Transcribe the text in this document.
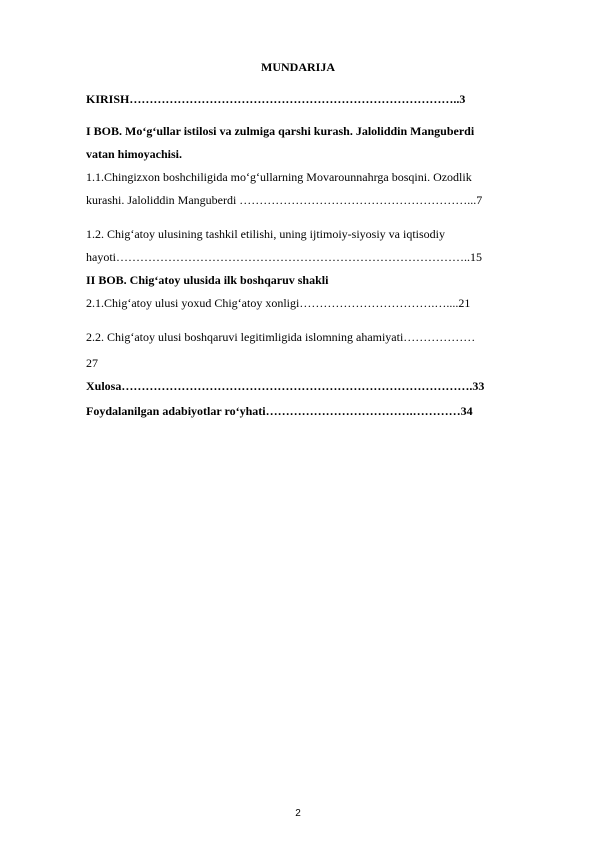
MUNDARIJA
KIRISH………………………………………………………………………..3
I BOB. Mo‘g‘ullar istilosi va zulmiga qarshi kurash. Jaloliddin Manguberdi
vatan himoyachisi.
1.1.Chingizxon boshchiligida mo‘g‘ullarning Movarounnahrga bosqini. Ozodlik
kurashi. Jaloliddin Manguberdi …………………………………………………...7
1.2. Chig‘atoy ulusining tashkil etilishi, uning ijtimoiy-siyosiy va iqtisodiy
hayoti……………………………………………………………………………..15
II BOB. Chig‘atoy ulusida ilk boshqaruv shakli
2.1.Chig‘atoy ulusi yoxud Chig‘atoy xonligi…………………………….…....21
2.2. Chig‘atoy ulusi boshqaruvi legitimligida islomning ahamiyati………………
27
Xulosa…………………………………………………………………………….33
Foydalanilgan adabiyotlar ro‘yhati……………………………….…………34
2
